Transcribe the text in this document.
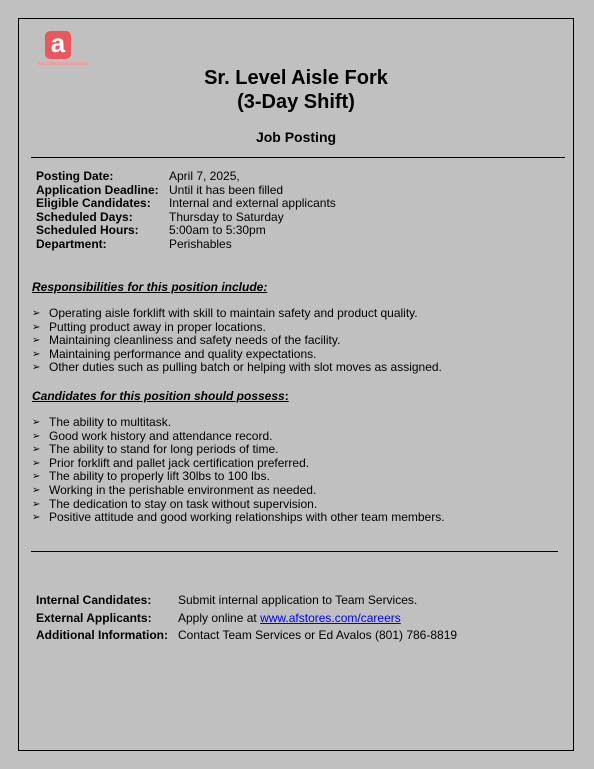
a
Sr. Level Aisle Fork
(3-Day Shift)
Job Posting
Posting Date:	April 7, 2025,
Application Deadline: Until it has been filled
Eligible Candidates:	Internal and external applicants
Scheduled Days:	Thursday to Saturday
Scheduled Hours:	5:00am to 5:30pm
Department:	Perishables
Responsibilities for this position include:
➢ Operating aisle forklift with skill to maintain safety and product quality.
➢ Putting product away in proper locations.
➢ Maintaining cleanliness and safety needs of the facility.
➢ Maintaining performance and quality expectations.
➢ Other duties such as pulling batch or helping with slot moves as assigned.
Candidates for this position should possess:
➢ The ability to multitask.
➢ Good work history and attendance record.
➢ The ability to stand for long periods of time.
➢ Prior forklift and pallet jack certification preferred.
➢ The ability to properly lift 30lbs to 100 lbs.
➢ Working in the perishable environment as needed.
➢ The dedication to stay on task without supervision.
➢ Positive attitude and good working relationships with other team members.
Internal Candidates:	Submit internal application to Team Services.
External Applicants:	Apply online at www.afstores.com/careers
Additional Information: Contact Team Services or Ed Avalos (801) 786-8819
